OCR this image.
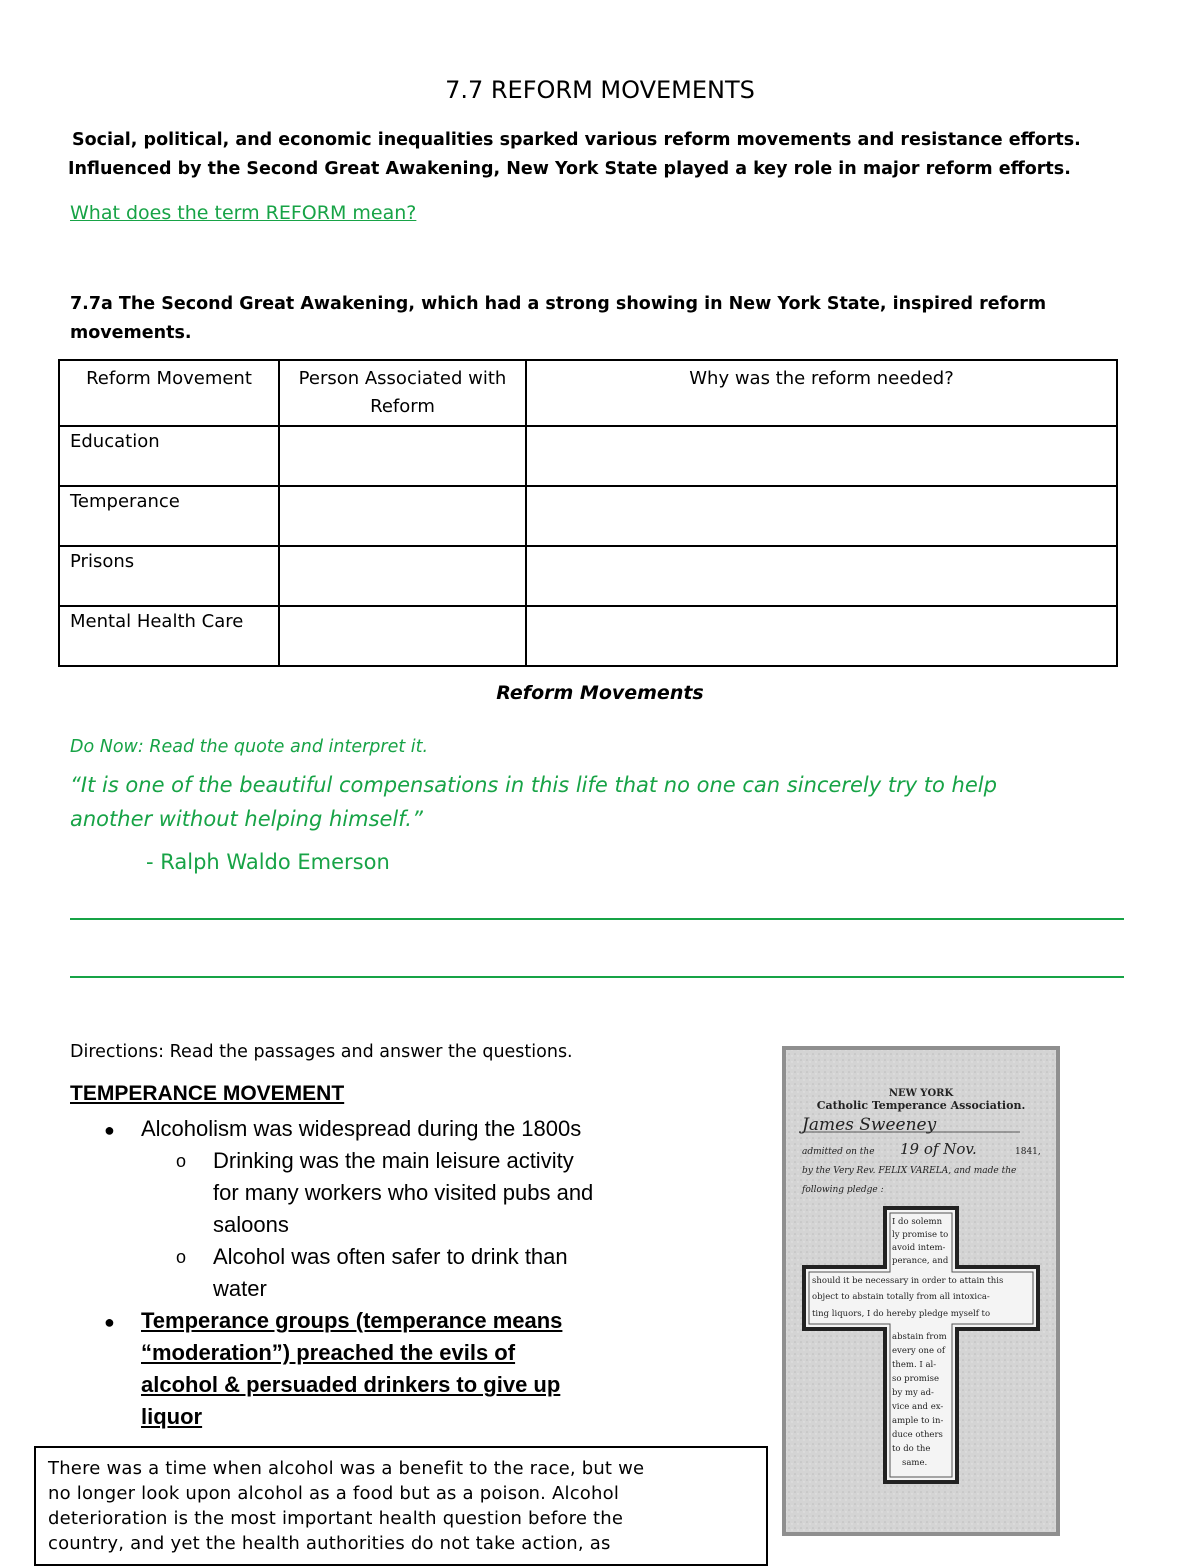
7.7 REFORM MOVEMENTS
Social, political, and economic inequalities sparked various reform movements and resistance efforts.
Influenced by the Second Great Awakening, New York State played a key role in major reform efforts.
What does the term REFORM mean?
7.7a The Second Great Awakening, which had a strong showing in New York State, inspired reform
movements.
Reform Movement	Person Associated with Reform	Why was the reform needed?
Education		
Temperance		
Prisons		
Mental Health Care		
Reform Movements
Do Now: Read the quote and interpret it.
“It is one of the beautiful compensations in this life that no one can sincerely try to help
another without helping himself.”
- Ralph Waldo Emerson
Directions: Read the passages and answer the questions.
TEMPERANCE MOVEMENT
● Alcoholism was widespread during the 1800s
o Drinking was the main leisure activity
for many workers who visited pubs and
saloons
o Alcohol was often safer to drink than
water
● Temperance groups (temperance means
“moderation”) preached the evils of
alcohol & persuaded drinkers to give up
liquor
There was a time when alcohol was a benefit to the race, but we
no longer look upon alcohol as a food but as a poison. Alcohol
deterioration is the most important health question before the
country, and yet the health authorities do not take action, as
NEW YORK
Catholic Temperance Association.
James Sweeney
admitted on the 19 of Nov.	1841,
by the Very Rev. FELIX VARELA, and made the
following pledge :
I do solemn
ly promise to
avoid intem-
perance, and
should it be necessary in order to attain this
object to abstain totally from all intoxica-
ting liquors, I do hereby pledge myself to
abstain from
every one of
them. I al-
so promise
by my ad-
vice and ex-
ample to in-
duce others
to do the
same.
